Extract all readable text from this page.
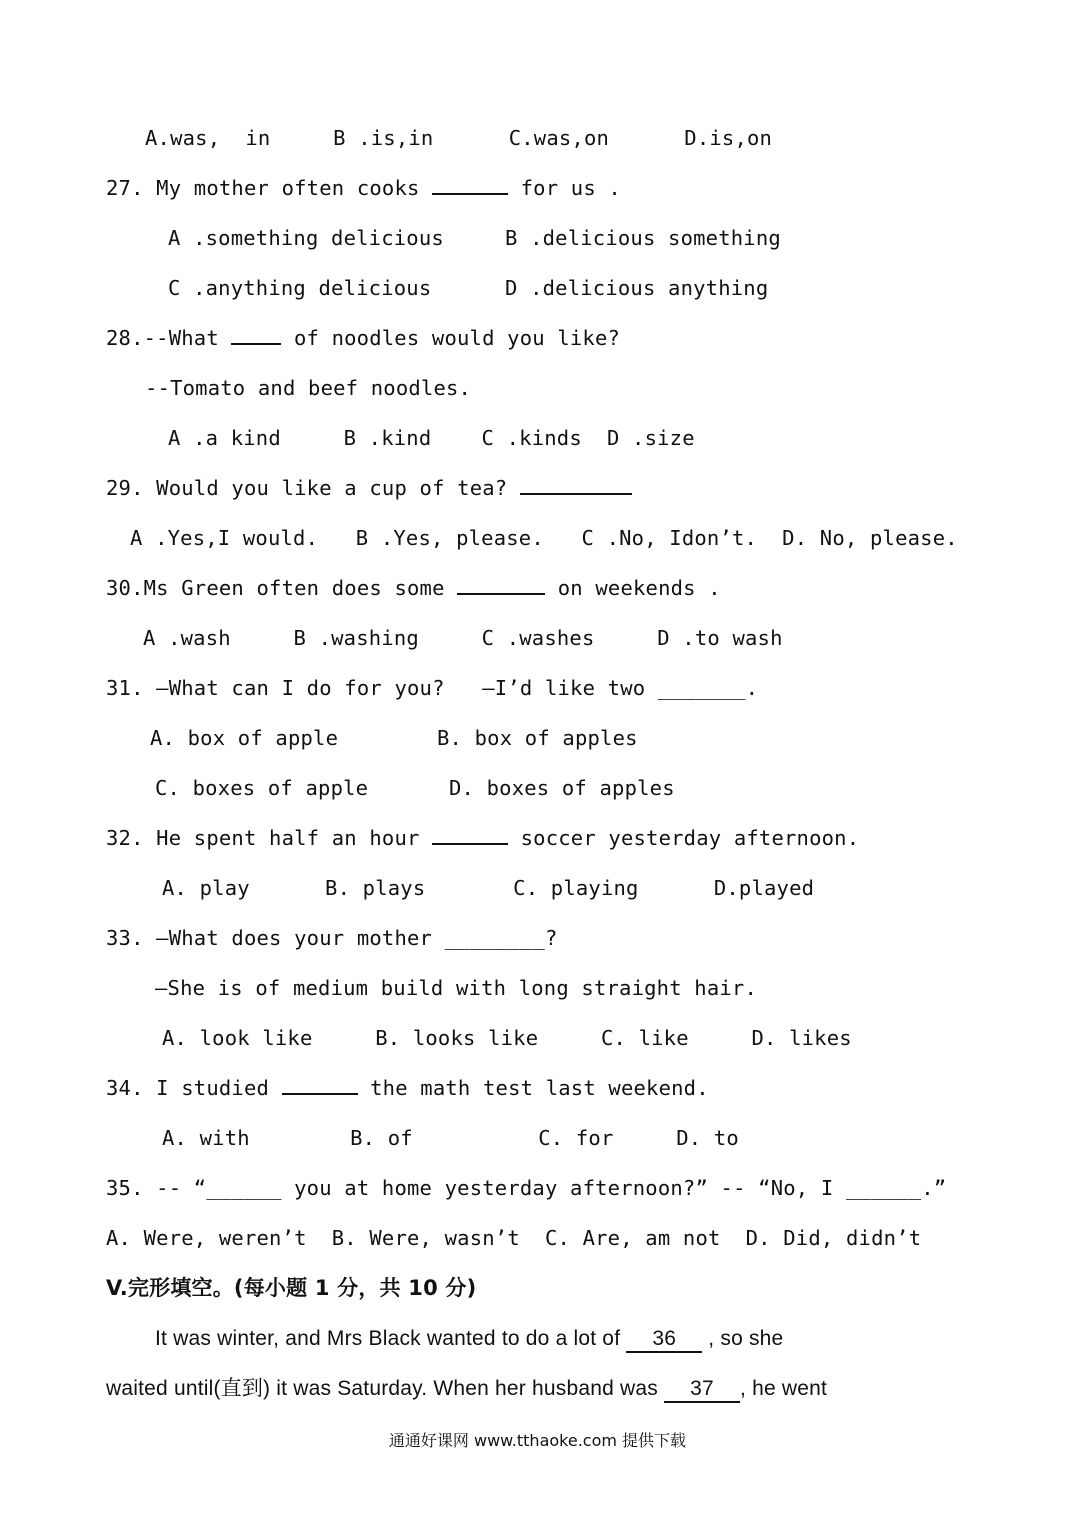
A.was,  in     B .is,in      C.was,on      D.is,on
27. My mother often cooks	for us .
A .something delicious	B .delicious something
C .anything delicious	D .delicious anything
28.--What  of noodles would you like?
--Tomato and beef noodles.
A .a kind     B .kind    C .kinds  D .size
29. Would you like a cup of tea?
A .Yes,I would.   B .Yes, please.   C .No, Idon’t.  D. No, please.
30.Ms Green often does some	on weekends .
A .wash     B .washing     C .washes     D .to wash
31. —What can I do for you?   —I’d like two _______.
A. box of apple	B. box of apples
C. boxes of apple	D. boxes of apples
32. He spent half an hour	soccer yesterday afternoon.
A. play      B. plays       C. playing      D.played
33. —What does your mother ________?
—She is of medium build with long straight hair.
A. look like     B. looks like     C. like     D. likes
34. I studied	the math test last weekend.
A. with        B. of          C. for     D. to
35. -- “______ you at home yesterday afternoon?” -- “No, I ______.”
A. Were, weren’t  B. Were, wasn’t  C. Are, am not  D. Did, didn’t
V.完形填空。(每小题 1 分，共 10 分)
It was winter, and Mrs Black wanted to do a lot of 36 , so she
waited until(直到) it was Saturday. When her husband was 37 , he went
通通好课网 www.tthaoke.com 提供下载
